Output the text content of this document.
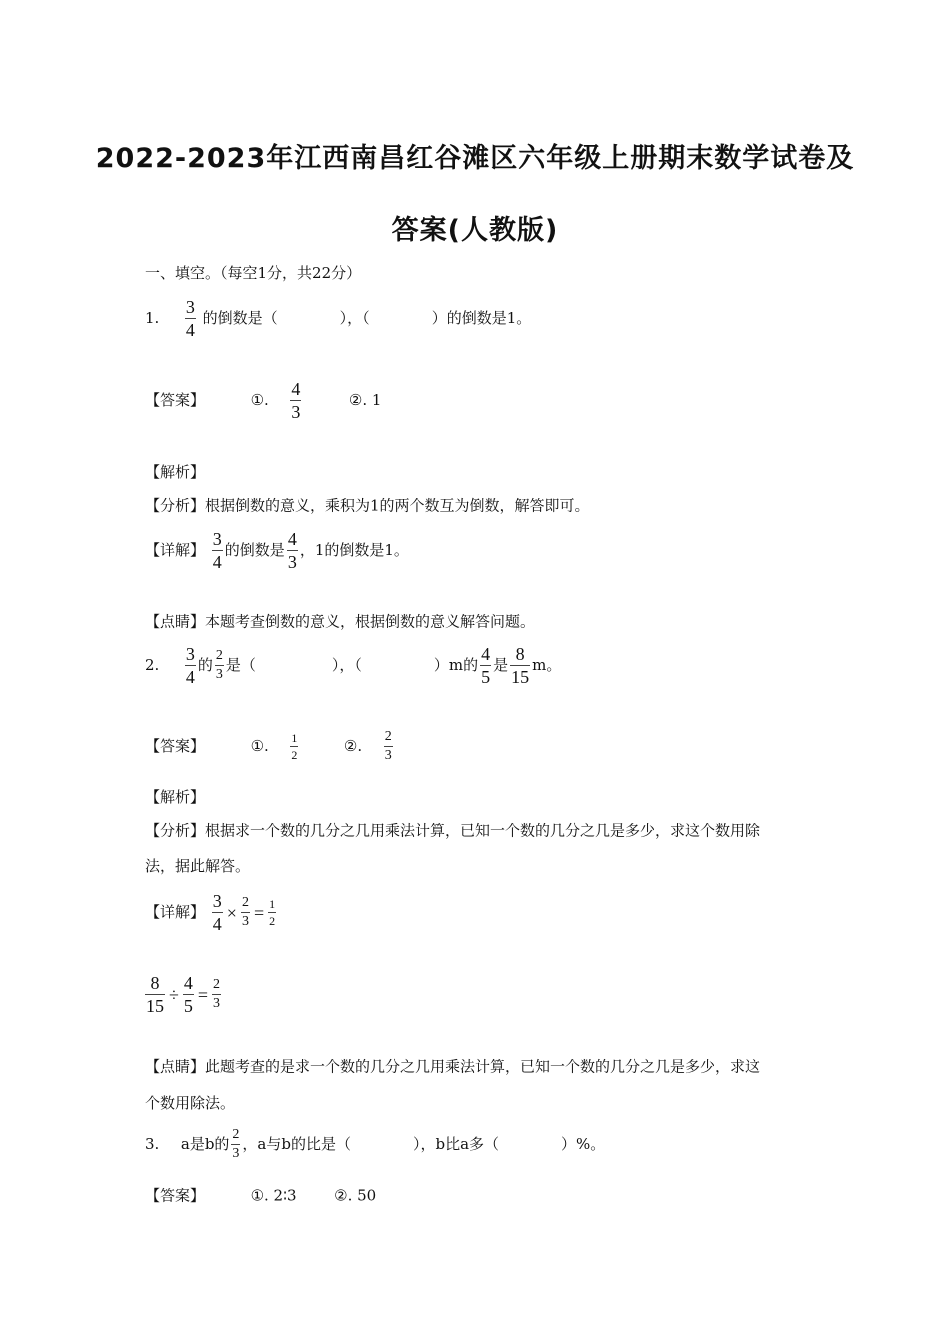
2022-2023年江西南昌红谷滩区六年级上册期末数学试卷及
答案(人教版)
一、填空。（每空1分，共22分）
1. $\frac{3}{4}$ 的倒数是（	），（	）的倒数是1。
【答案】	①. $\frac{4}{3}$	②. 1
【解析】
【分析】根据倒数的意义，乘积为1的两个数互为倒数，解答即可。
【详解】 $\frac{3}{4}$ 的倒数是 $\frac{4}{3}$ ，1的倒数是1。
【点睛】本题考查倒数的意义，根据倒数的意义解答问题。
2. $\frac{3}{4}$ 的 $\frac{2}{3}$ 是（	），（	）m的 $\frac{4}{5}$ 是 $\frac{8}{15}$ m。
【答案】	①. $\frac{1}{2}$	②. $\frac{2}{3}$
【解析】
【分析】根据求一个数的几分之几用乘法计算，已知一个数的几分之几是多少，求这个数用除
法，据此解答。
【详解】 $\frac{3}{4} \times \frac{2}{3} = \frac{1}{2}$
$\frac{8}{15} \div \frac{4}{5} = \frac{2}{3}$
【点睛】此题考查的是求一个数的几分之几用乘法计算，已知一个数的几分之几是多少，求这
个数用除法。
3. a是b的 $\frac{2}{3}$ ，a与b的比是（	），b比a多（	）%。
【答案】	①. 2∶3	②. 50
